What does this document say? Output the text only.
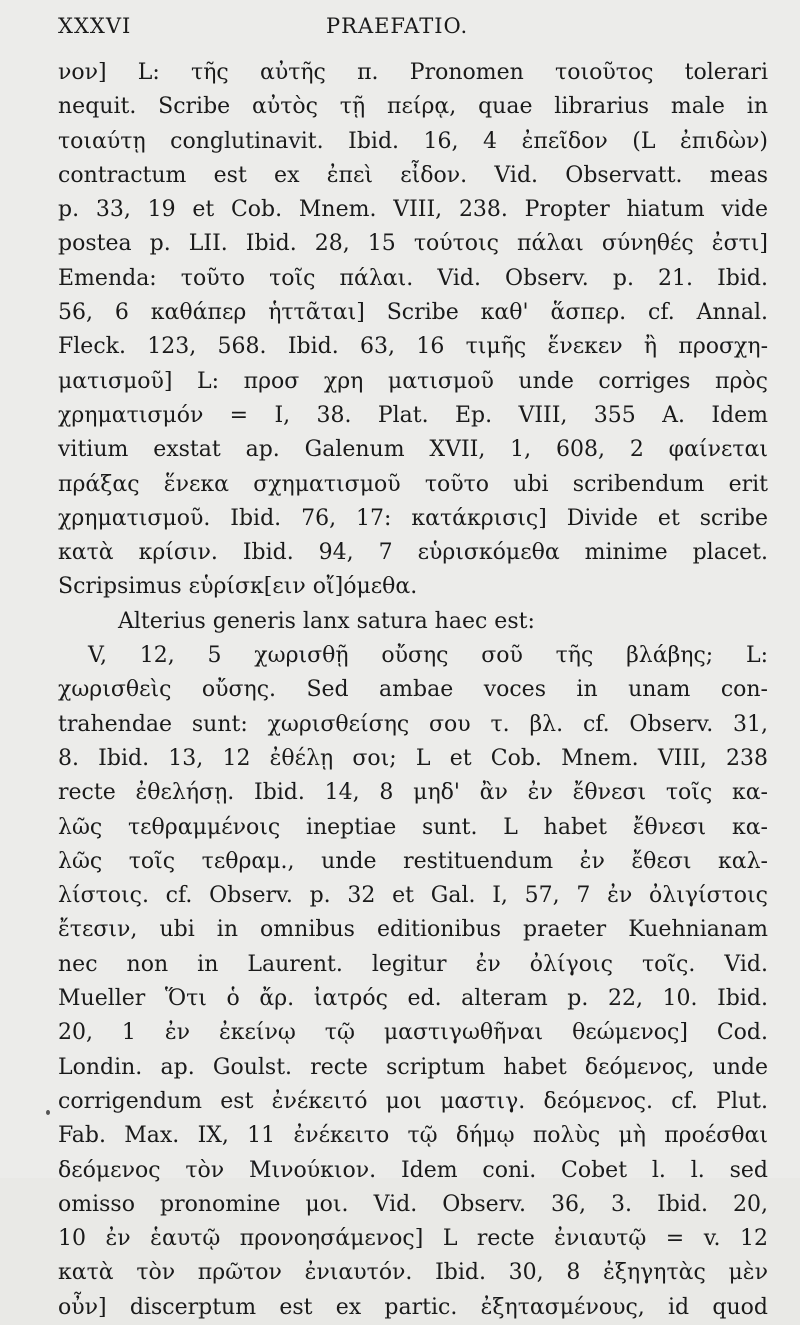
XXXVI	PRAEFATIO.
νον] L: τῆς αὐτῆς π. Pronomen τοιοῦτος tolerari
nequit. Scribe αὐτὸς τῇ πείρᾳ, quae librarius male in
τοιαύτῃ conglutinavit. Ibid. 16, 4 ἐπεῖδον (L ἐπιδὼν)
contractum est ex ἐπεὶ εἶδον. Vid. Observatt. meas
p. 33, 19 et Cob. Mnem. VIII, 238. Propter hiatum vide
postea p. LII. Ibid. 28, 15 τούτοις πάλαι σύνηθές ἐστι]
Emenda: τοῦτο τοῖς πάλαι. Vid. Observ. p. 21. Ibid.
56, 6 καθάπερ ἡττᾶται] Scribe καθ' ἅσπερ. cf. Annal.
Fleck. 123, 568. Ibid. 63, 16 τιμῆς ἕνεκεν ἢ προσχη-
ματισμοῦ] L: προσ χρη ματισμοῦ unde corriges πρὸς
χρηματισμόν = I, 38. Plat. Ep. VIII, 355 A. Idem
vitium exstat ap. Galenum XVII, 1, 608, 2 φαίνεται
πράξας ἕνεκα σχηματισμοῦ τοῦτο ubi scribendum erit
χρηματισμοῦ. Ibid. 76, 17: κατάκρισις] Divide et scribe
κατὰ κρίσιν. Ibid. 94, 7 εὑρισκόμεθα minime placet.
Scripsimus εὑρίσκ[ειν οἴ]όμεθα.
Alterius generis lanx satura haec est:
V, 12, 5 χωρισθῇ οὔσης σοῦ τῆς βλάβης; L:
χωρισθεὶς οὔσης. Sed ambae voces in unam con-
trahendae sunt: χωρισθείσης σου τ. βλ. cf. Observ. 31,
8. Ibid. 13, 12 ἐθέλῃ σοι; L et Cob. Mnem. VIII, 238
recte ἐθελήσῃ. Ibid. 14, 8 μηδ' ἂν ἐν ἔθνεσι τοῖς κα-
λῶς τεθραμμένοις ineptiae sunt. L habet ἔθνεσι κα-
λῶς τοῖς τεθραμ., unde restituendum ἐν ἔθεσι καλ-
λίστοις. cf. Observ. p. 32 et Gal. I, 57, 7 ἐν ὀλιγίστοις
ἔτεσιν, ubi in omnibus editionibus praeter Kuehnianam
nec non in Laurent. legitur ἐν ὀλίγοις τοῖς. Vid.
Mueller Ὅτι ὁ ἄρ. ἰατρός ed. alteram p. 22, 10. Ibid.
20, 1 ἐν ἐκείνῳ τῷ μαστιγωθῆναι θεώμενος] Cod.
Londin. ap. Goulst. recte scriptum habet δεόμενος, unde
corrigendum est ἐνέκειτό μοι μαστιγ. δεόμενος. cf. Plut.
Fab. Max. IX, 11 ἐνέκειτο τῷ δήμῳ πολὺς μὴ προέσθαι
δεόμενος τὸν Μινούκιον. Idem coni. Cobet l. l. sed
omisso pronomine μοι. Vid. Observ. 36, 3. Ibid. 20,
10 ἐν ἑαυτῷ προνοησάμενος] L recte ἐνιαυτῷ = v. 12
κατὰ τὸν πρῶτον ἐνιαυτόν. Ibid. 30, 8 ἐξηγητὰς μὲν
οὖν] discerptum est ex partic. ἐξητασμένους, id quod
